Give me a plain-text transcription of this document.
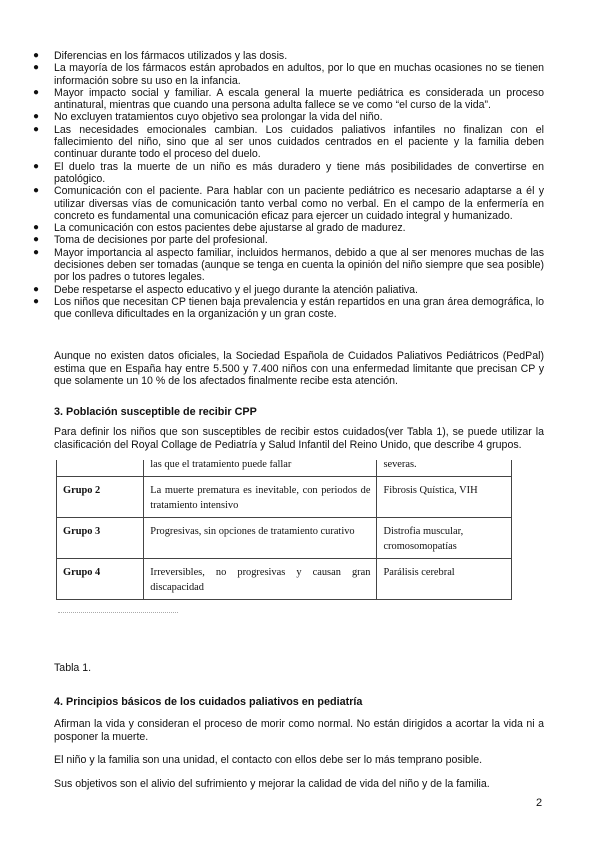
● Diferencias en los fármacos utilizados y las dosis.
● La mayoría de los fármacos están aprobados en adultos, por lo que en muchas ocasiones no se tienen información sobre su uso en la infancia.
● Mayor impacto social y familiar. A escala general la muerte pediátrica es considerada un proceso antinatural, mientras que cuando una persona adulta fallece se ve como “el curso de la vida”.
● No excluyen tratamientos cuyo objetivo sea prolongar la vida del niño.
● Las necesidades emocionales cambian. Los cuidados paliativos infantiles no finalizan con el fallecimiento del niño, sino que al ser unos cuidados centrados en el paciente y la familia deben continuar durante todo el proceso del duelo.
● El duelo tras la muerte de un niño es más duradero y tiene más posibilidades de convertirse en patológico.
● Comunicación con el paciente. Para hablar con un paciente pediátrico es necesario adaptarse a él y utilizar diversas vías de comunicación tanto verbal como no verbal. En el campo de la enfermería en concreto es fundamental una comunicación eficaz para ejercer un cuidado integral y humanizado.
● La comunicación con estos pacientes debe ajustarse al grado de madurez.
● Toma de decisiones por parte del profesional.
● Mayor importancia al aspecto familiar, incluidos hermanos, debido a que al ser menores muchas de las decisiones deben ser tomadas (aunque se tenga en cuenta la opinión del niño siempre que sea posible) por los padres o tutores legales.
● Debe respetarse el aspecto educativo y el juego durante la atención paliativa.
● Los niños que necesitan CP tienen baja prevalencia y están repartidos en una gran área demográfica, lo que conlleva dificultades en la organización y un gran coste.

Aunque no existen datos oficiales, la Sociedad Española de Cuidados Paliativos Pediátricos (PedPal) estima que en España hay entre 5.500 y 7.400 niños con una enfermedad limitante que precisan CP y que solamente un 10 % de los afectados finalmente recibe esta atención.

3. Población susceptible de recibir CPP

Para definir los niños que son susceptibles de recibir estos cuidados(ver Tabla 1), se puede utilizar la clasificación del Royal Collage de Pediatría y Salud Infantil del Reino Unido, que describe 4 grupos.

	las que el tratamiento puede fallar	severas.
Grupo 2	La muerte prematura es inevitable, con periodos de tratamiento intensivo	Fibrosis Quística, VIH
Grupo 3	Progresivas, sin opciones de tratamiento curativo	Distrofia muscular, cromosomopatías
Grupo 4	Irreversibles, no progresivas y causan gran discapacidad	Parálisis cerebral

Tabla 1.

4. Principios básicos de los cuidados paliativos en pediatría

Afirman la vida y consideran el proceso de morir como normal. No están dirigidos a acortar la vida ni a posponer la muerte.

El niño y la familia son una unidad, el contacto con ellos debe ser lo más temprano posible.

Sus objetivos son el alivio del sufrimiento y mejorar la calidad de vida del niño y de la familia.

2
